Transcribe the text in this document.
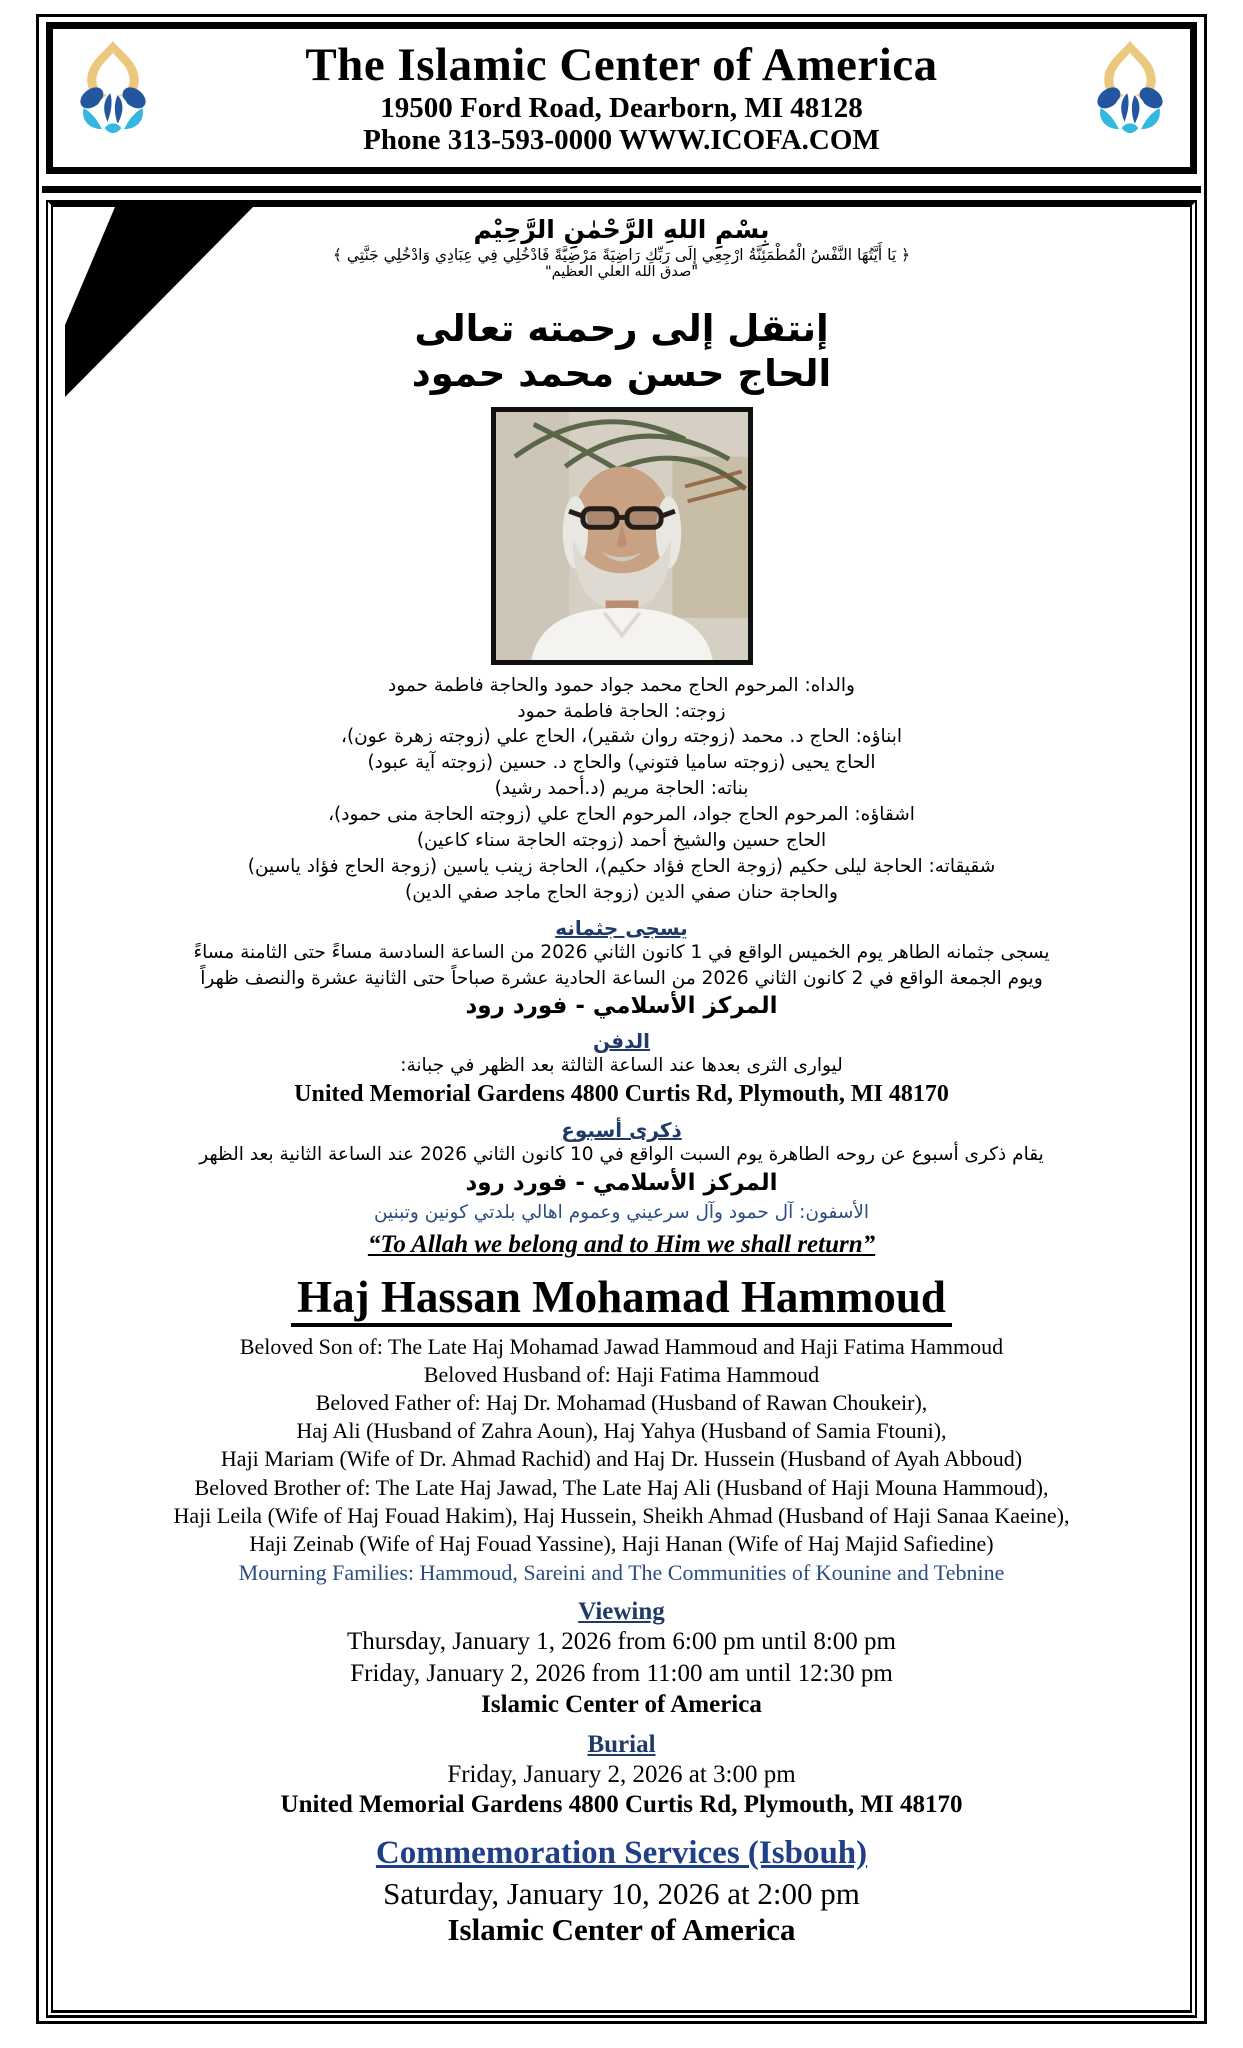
The Islamic Center of America
19500 Ford Road, Dearborn, MI 48128
Phone 313-593-0000 WWW.ICOFA.COM
بِسْمِ اللهِ الرَّحْمٰنِ الرَّحِيْم
﴿ يَا أَيَّتُهَا النَّفْسُ الْمُطْمَئِنَّةُ ارْجِعِي إِلَى رَبِّكِ رَاضِيَةً مَرْضِيَّةً فَادْخُلِي فِي عِبَادِي وَادْخُلِي جَنَّتِي ﴾
"صدق الله العلي العظيم"
إنتقل إلى رحمته تعالى
الحاج حسن محمد حمود
والداه: المرحوم الحاج محمد جواد حمود والحاجة فاطمة حمود
زوجته: الحاجة فاطمة حمود
ابناؤه: الحاج د. محمد (زوجته روان شقير)، الحاج علي (زوجته زهرة عون)،
الحاج يحيى (زوجته ساميا فتوني) والحاج د. حسين (زوجته آية عبود)
بناته: الحاجة مريم (د.أحمد رشيد)
اشقاؤه: المرحوم الحاج جواد، المرحوم الحاج علي (زوجته الحاجة منى حمود)،
الحاج حسين والشيخ أحمد (زوجته الحاجة سناء كاعين)
شقيقاته: الحاجة ليلى حكيم (زوجة الحاج فؤاد حكيم)، الحاجة زينب ياسين (زوجة الحاج فؤاد ياسين)
والحاجة حنان صفي الدين (زوجة الحاج ماجد صفي الدين)
يسجى جثمانه
يسجى جثمانه الطاهر يوم الخميس الواقع في 1 كانون الثاني 2026 من الساعة السادسة مساءً حتى الثامنة مساءً
ويوم الجمعة الواقع في 2 كانون الثاني 2026 من الساعة الحادية عشرة صباحاً حتى الثانية عشرة والنصف ظهراً
المركز الأسلامي - فورد رود
الدفن
ليوارى الثرى بعدها عند الساعة الثالثة بعد الظهر في جبانة:
United Memorial Gardens 4800 Curtis Rd, Plymouth, MI 48170
ذكرى أسبوع
يقام ذكرى أسبوع عن روحه الطاهرة يوم السبت الواقع في 10 كانون الثاني 2026 عند الساعة الثانية بعد الظهر
المركز الأسلامي - فورد رود
الأسفون: آل حمود وآل سرعيني وعموم اهالي بلدتي كونين وتبنين
“To Allah we belong and to Him we shall return”
Haj Hassan Mohamad Hammoud
Beloved Son of: The Late Haj Mohamad Jawad Hammoud and Haji Fatima Hammoud
Beloved Husband of: Haji Fatima Hammoud
Beloved Father of: Haj Dr. Mohamad (Husband of Rawan Choukeir),
Haj Ali (Husband of Zahra Aoun), Haj Yahya (Husband of Samia Ftouni),
Haji Mariam (Wife of Dr. Ahmad Rachid) and Haj Dr. Hussein (Husband of Ayah Abboud)
Beloved Brother of: The Late Haj Jawad, The Late Haj Ali (Husband of Haji Mouna Hammoud),
Haji Leila (Wife of Haj Fouad Hakim), Haj Hussein, Sheikh Ahmad (Husband of Haji Sanaa Kaeine),
Haji Zeinab (Wife of Haj Fouad Yassine), Haji Hanan (Wife of Haj Majid Safiedine)
Mourning Families: Hammoud, Sareini and The Communities of Kounine and Tebnine
Viewing
Thursday, January 1, 2026 from 6:00 pm until 8:00 pm
Friday, January 2, 2026 from 11:00 am until 12:30 pm
Islamic Center of America
Burial
Friday, January 2, 2026 at 3:00 pm
United Memorial Gardens 4800 Curtis Rd, Plymouth, MI 48170
Commemoration Services (Isbouh)
Saturday, January 10, 2026 at 2:00 pm
Islamic Center of America
